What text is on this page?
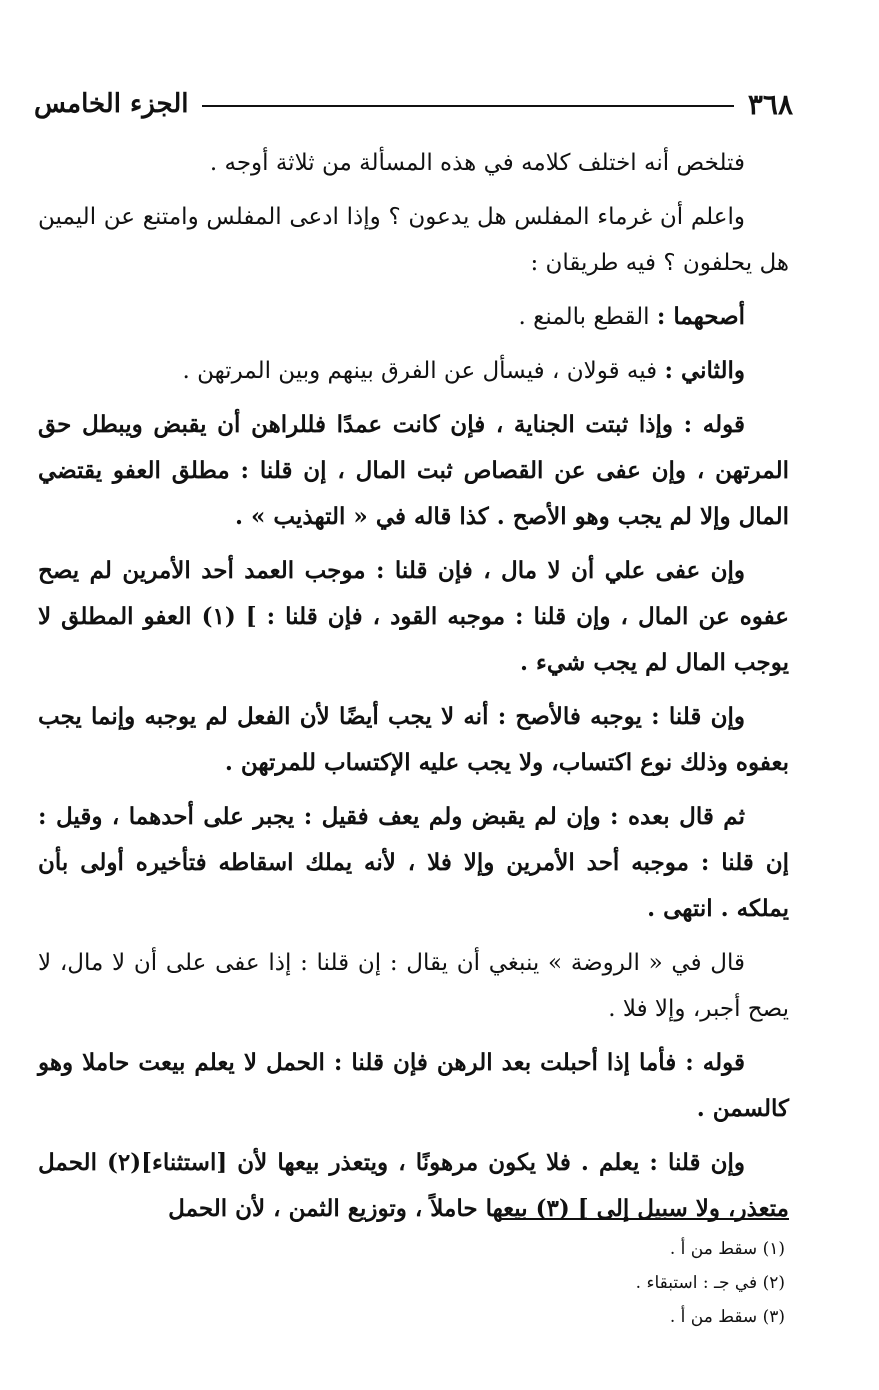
٣٦٨
الجزء الخامس

فتلخص أنه اختلف كلامه في هذه المسألة من ثلاثة أوجه .

واعلم أن غرماء المفلس هل يدعون ؟ وإذا ادعى المفلس وامتنع عن اليمين هل يحلفون ؟ فيه طريقان :

أصحهما : القطع بالمنع .

والثاني : فيه قولان ، فيسأل عن الفرق بينهم وبين المرتهن .

قوله : وإذا ثبتت الجناية ، فإن كانت عمدًا فللراهن أن يقبض ويبطل حق المرتهن ، وإن عفى عن القصاص ثبت المال ، إن قلنا : مطلق العفو يقتضي المال وإلا لم يجب وهو الأصح . كذا قاله في « التهذيب » .

وإن عفى علي أن لا مال ، فإن قلنا : موجب العمد أحد الأمرين لم يصح عفوه عن المال ، وإن قلنا : موجبه القود ، فإن قلنا : ] (١) العفو المطلق لا يوجب المال لم يجب شيء .

وإن قلنا : يوجبه فالأصح : أنه لا يجب أيضًا لأن الفعل لم يوجبه وإنما يجب بعفوه وذلك نوع اكتساب، ولا يجب عليه الإكتساب للمرتهن .

ثم قال بعده : وإن لم يقبض ولم يعف فقيل : يجبر على أحدهما ، وقيل : إن قلنا : موجبه أحد الأمرين وإلا فلا ، لأنه يملك اسقاطه فتأخيره أولى بأن يملكه . انتهى .

قال في « الروضة » ينبغي أن يقال : إن قلنا : إذا عفى على أن لا مال، لا يصح أجبر، وإلا فلا .

قوله : فأما إذا أحبلت بعد الرهن فإن قلنا : الحمل لا يعلم بيعت حاملا وهو كالسمن .

وإن قلنا : يعلم . فلا يكون مرهونًا ، ويتعذر بيعها لأن [استثناء](٢) الحمل متعذر، ولا سبيل إلى ] (٣) بيعها حاملاً ، وتوزيع الثمن ، لأن الحمل

(١) سقط من أ .

(٢) في جـ : استبقاء .

(٣) سقط من أ .
